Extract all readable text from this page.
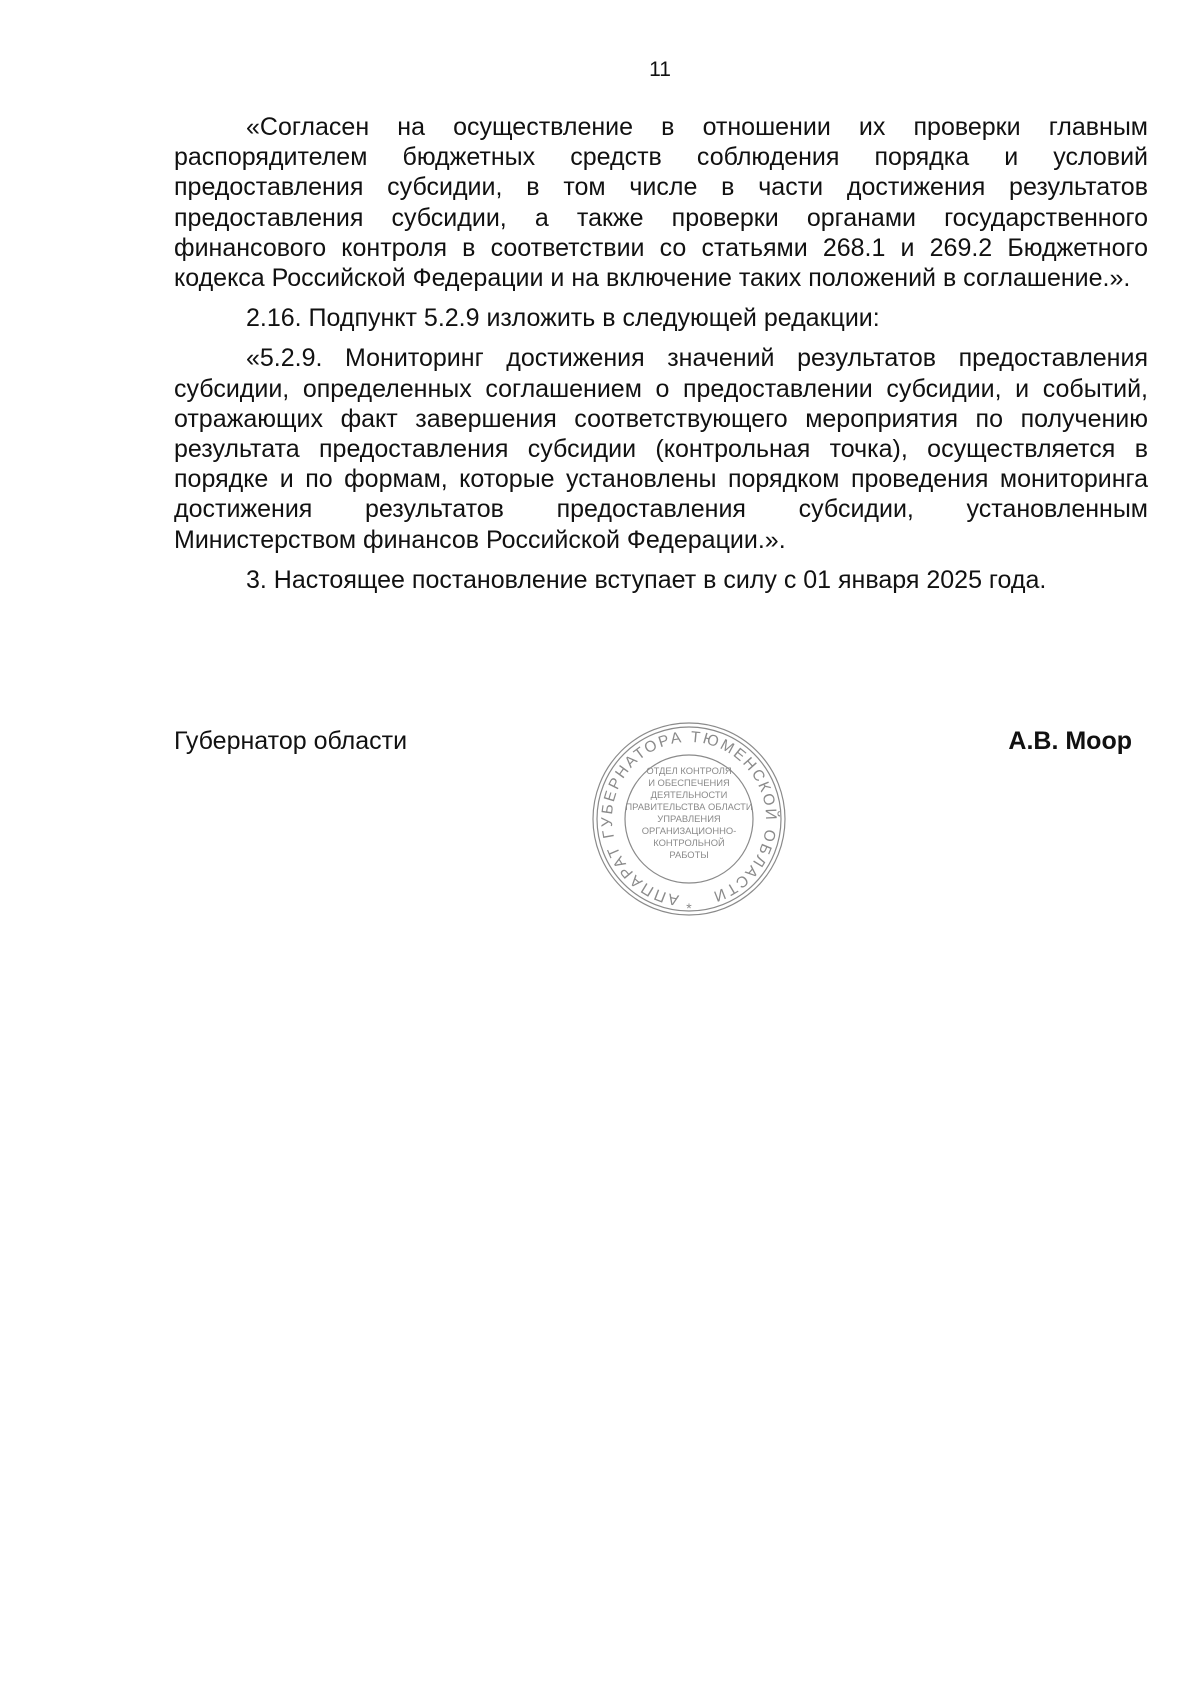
11

«Согласен на осуществление в отношении их проверки главным распорядителем бюджетных средств соблюдения порядка и условий предоставления субсидии, в том числе в части достижения результатов предоставления субсидии, а также проверки органами государственного финансового контроля в соответствии со статьями 268.1 и 269.2 Бюджетного кодекса Российской Федерации и на включение таких положений в соглашение.».

2.16. Подпункт 5.2.9 изложить в следующей редакции:

«5.2.9. Мониторинг достижения значений результатов предоставления субсидии, определенных соглашением о предоставлении субсидии, и событий, отражающих факт завершения соответствующего мероприятия по получению результата предоставления субсидии (контрольная точка), осуществляется в порядке и по формам, которые установлены порядком проведения мониторинга достижения результатов предоставления субсидии, установленным Министерством финансов Российской Федерации.».

3. Настоящее постановление вступает в силу с 01 января 2025 года.

Губернатор области	А.В. Моор
АППАРАТ ГУБЕРНАТОРА ТЮМЕНСКОЙ ОБЛАСТИ
*
ОТДЕЛ КОНТРОЛЯ
И ОБЕСПЕЧЕНИЯ
ДЕЯТЕЛЬНОСТИ
ПРАВИТЕЛЬСТВА ОБЛАСТИ
УПРАВЛЕНИЯ
ОРГАНИЗАЦИОННО-
КОНТРОЛЬНОЙ
РАБОТЫ
